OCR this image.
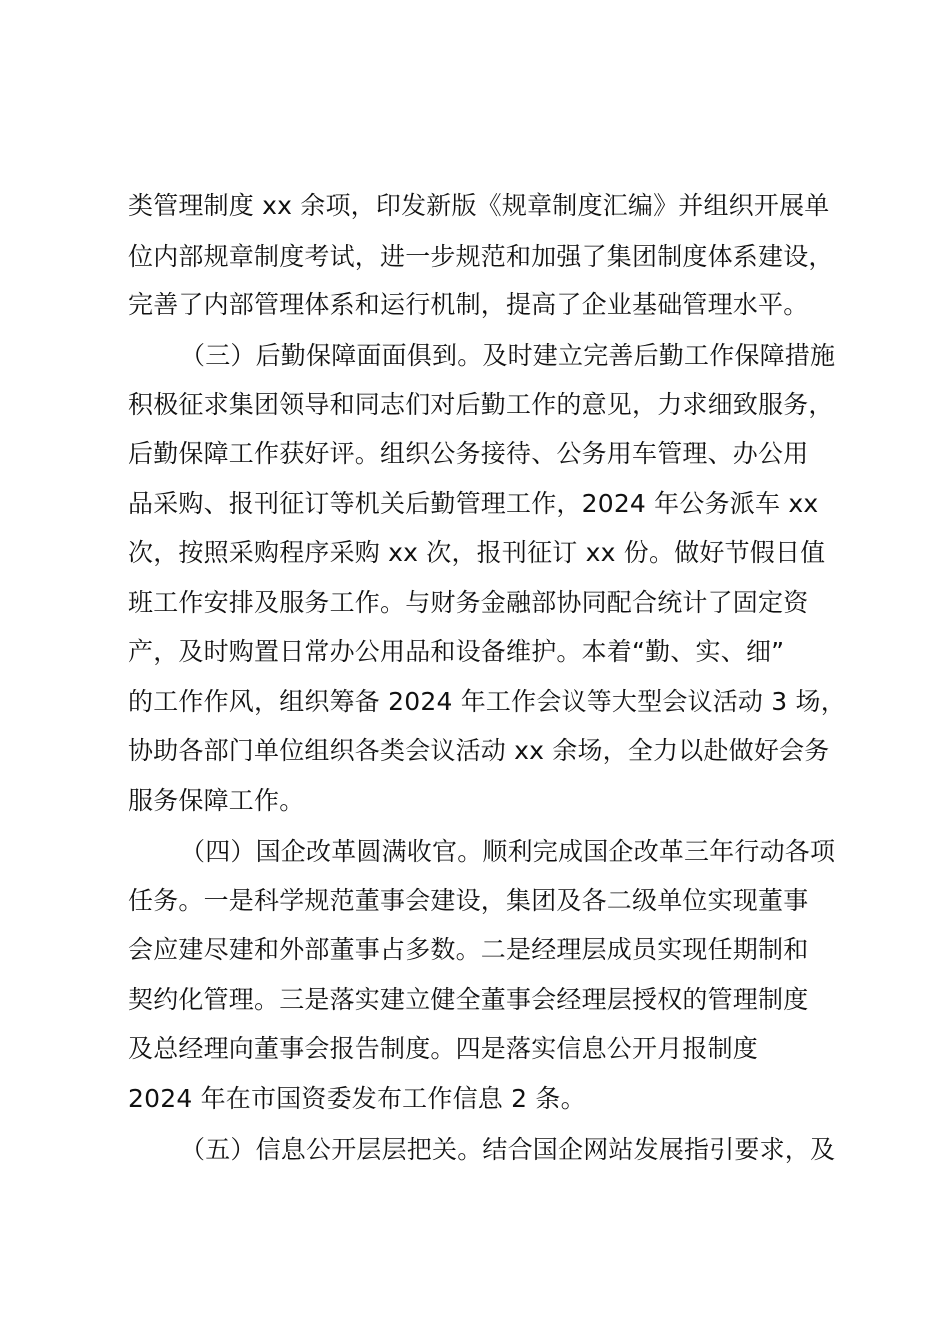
类管理制度 xx 余项，印发新版《规章制度汇编》并组织开展单
位内部规章制度考试，进一步规范和加强了集团制度体系建设，
完善了内部管理体系和运行机制，提高了企业基础管理水平。
（三）后勤保障面面俱到。及时建立完善后勤工作保障措施
积极征求集团领导和同志们对后勤工作的意见，力求细致服务，
后勤保障工作获好评。组织公务接待、公务用车管理、办公用
品采购、报刊征订等机关后勤管理工作，2024 年公务派车 xx
次，按照采购程序采购 xx 次，报刊征订 xx 份。做好节假日值
班工作安排及服务工作。与财务金融部协同配合统计了固定资
产，及时购置日常办公用品和设备维护。本着“勤、实、细”
的工作作风，组织筹备 2024 年工作会议等大型会议活动 3 场，
协助各部门单位组织各类会议活动 xx 余场，全力以赴做好会务
服务保障工作。
（四）国企改革圆满收官。顺利完成国企改革三年行动各项
任务。一是科学规范董事会建设，集团及各二级单位实现董事
会应建尽建和外部董事占多数。二是经理层成员实现任期制和
契约化管理。三是落实建立健全董事会经理层授权的管理制度
及总经理向董事会报告制度。四是落实信息公开月报制度
2024 年在市国资委发布工作信息 2 条。
（五）信息公开层层把关。结合国企网站发展指引要求，及
